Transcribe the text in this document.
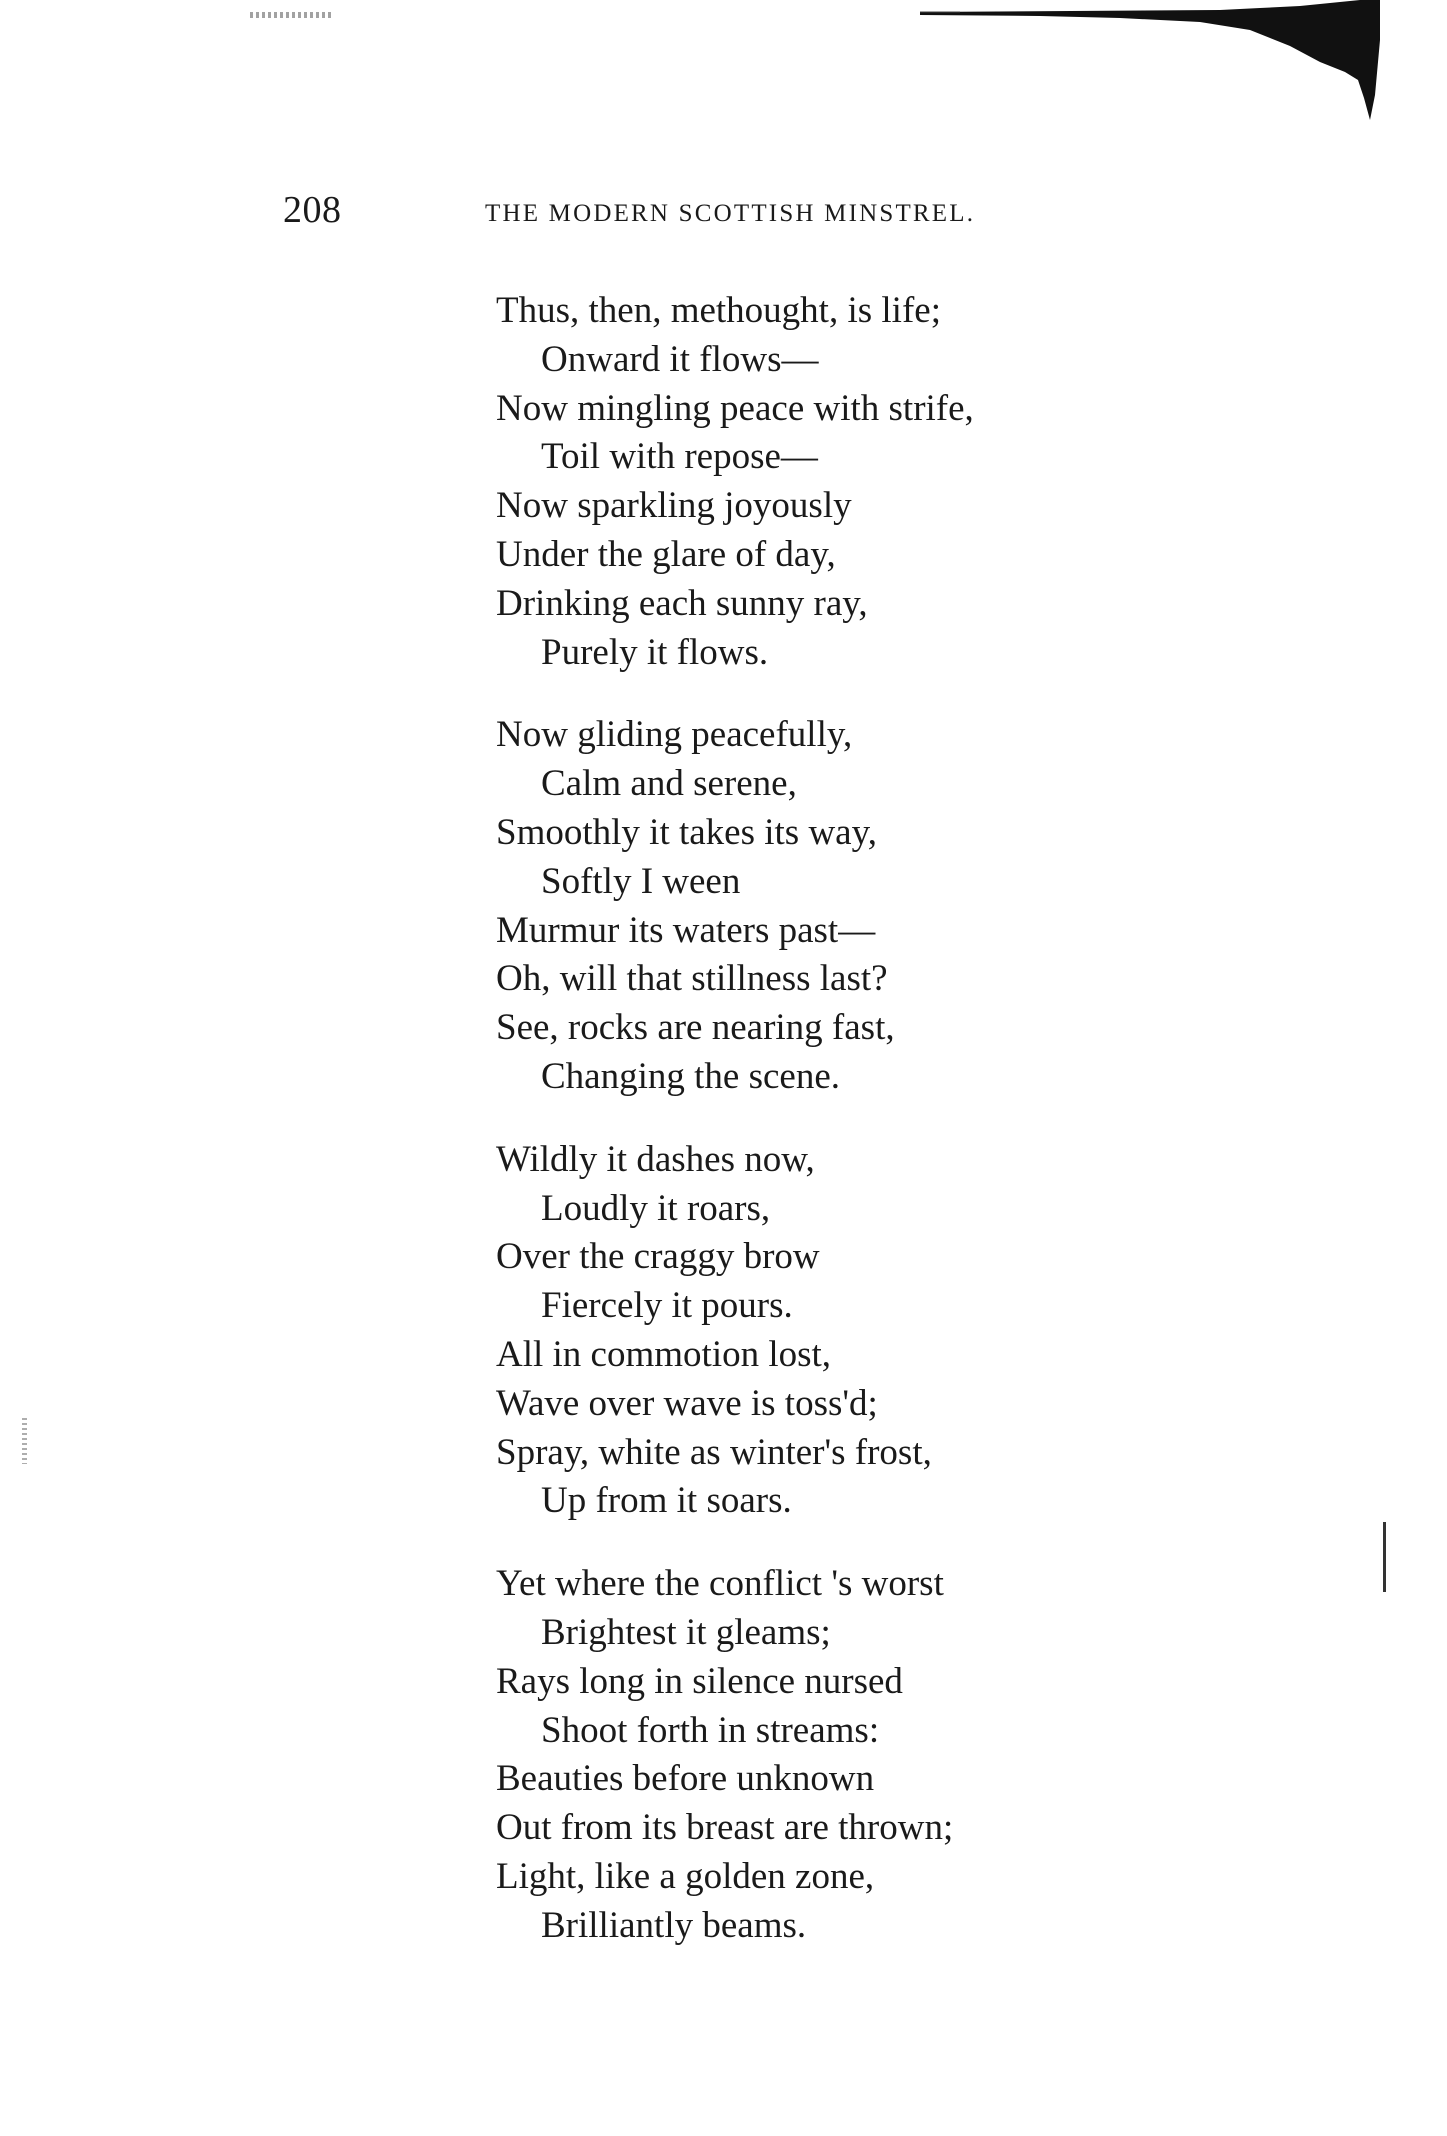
208	THE MODERN SCOTTISH MINSTREL.
Thus, then, methought, is life;
Onward it flows—
Now mingling peace with strife,
Toil with repose—
Now sparkling joyously
Under the glare of day,
Drinking each sunny ray,
Purely it flows.
Now gliding peacefully,
Calm and serene,
Smoothly it takes its way,
Softly I ween
Murmur its waters past—
Oh, will that stillness last?
See, rocks are nearing fast,
Changing the scene.
Wildly it dashes now,
Loudly it roars,
Over the craggy brow
Fiercely it pours.
All in commotion lost,
Wave over wave is toss'd;
Spray, white as winter's frost,
Up from it soars.
Yet where the conflict 's worst
Brightest it gleams;
Rays long in silence nursed
Shoot forth in streams:
Beauties before unknown
Out from its breast are thrown;
Light, like a golden zone,
Brilliantly beams.
